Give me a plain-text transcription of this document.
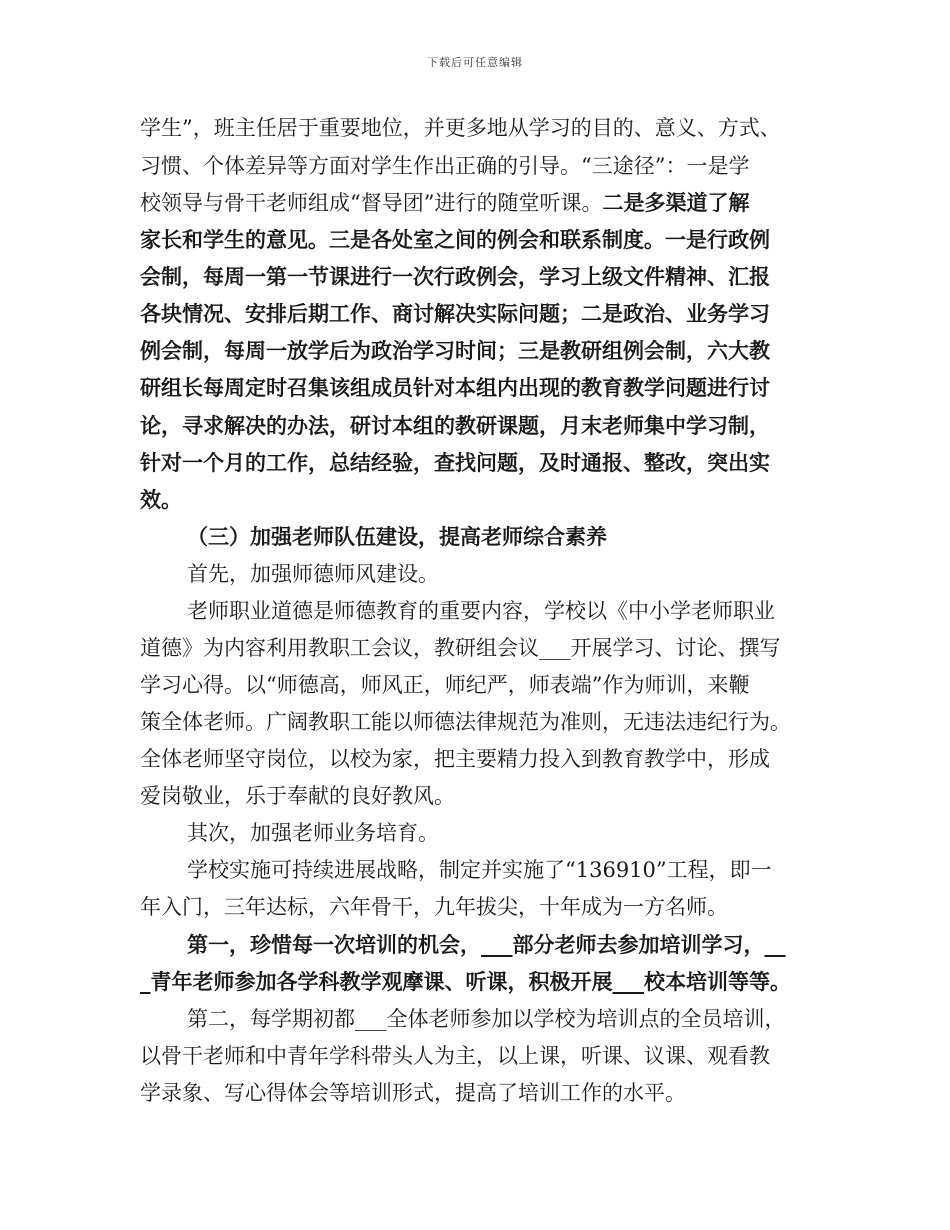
下载后可任意编辑
学生”，班主任居于重要地位，并更多地从学习的目的、意义、方式、
习惯、个体差异等方面对学生作出正确的引导。“三途径”：一是学
校领导与骨干老师组成“督导团”进行的随堂听课。二是多渠道了解
家长和学生的意见。三是各处室之间的例会和联系制度。一是行政例
会制，每周一第一节课进行一次行政例会，学习上级文件精神、汇报
各块情况、安排后期工作、商讨解决实际问题；二是政治、业务学习
例会制，每周一放学后为政治学习时间；三是教研组例会制，六大教
研组长每周定时召集该组成员针对本组内出现的教育教学问题进行讨
论，寻求解决的办法，研讨本组的教研课题，月末老师集中学习制，
针对一个月的工作，总结经验，查找问题，及时通报、整改，突出实
效。
（三）加强老师队伍建设，提高老师综合素养
首先，加强师德师风建设。
老师职业道德是师德教育的重要内容，学校以《中小学老师职业
道德》为内容利用教职工会议，教研组会议___开展学习、讨论、撰写
学习心得。以“师德高，师风正，师纪严，师表端”作为师训，来鞭
策全体老师。广阔教职工能以师德法律规范为准则，无违法违纪行为。
全体老师坚守岗位，以校为家，把主要精力投入到教育教学中，形成
爱岗敬业，乐于奉献的良好教风。
其次，加强老师业务培育。
学校实施可持续进展战略，制定并实施了“136910”工程，即一
年入门，三年达标，六年骨干，九年拔尖，十年成为一方名师。
第一，珍惜每一次培训的机会，___部分老师去参加培训学习，__
_青年老师参加各学科教学观摩课、听课，积极开展___校本培训等等。
第二，每学期初都___全体老师参加以学校为培训点的全员培训，
以骨干老师和中青年学科带头人为主，以上课，听课、议课、观看教
学录象、写心得体会等培训形式，提高了培训工作的水平。
